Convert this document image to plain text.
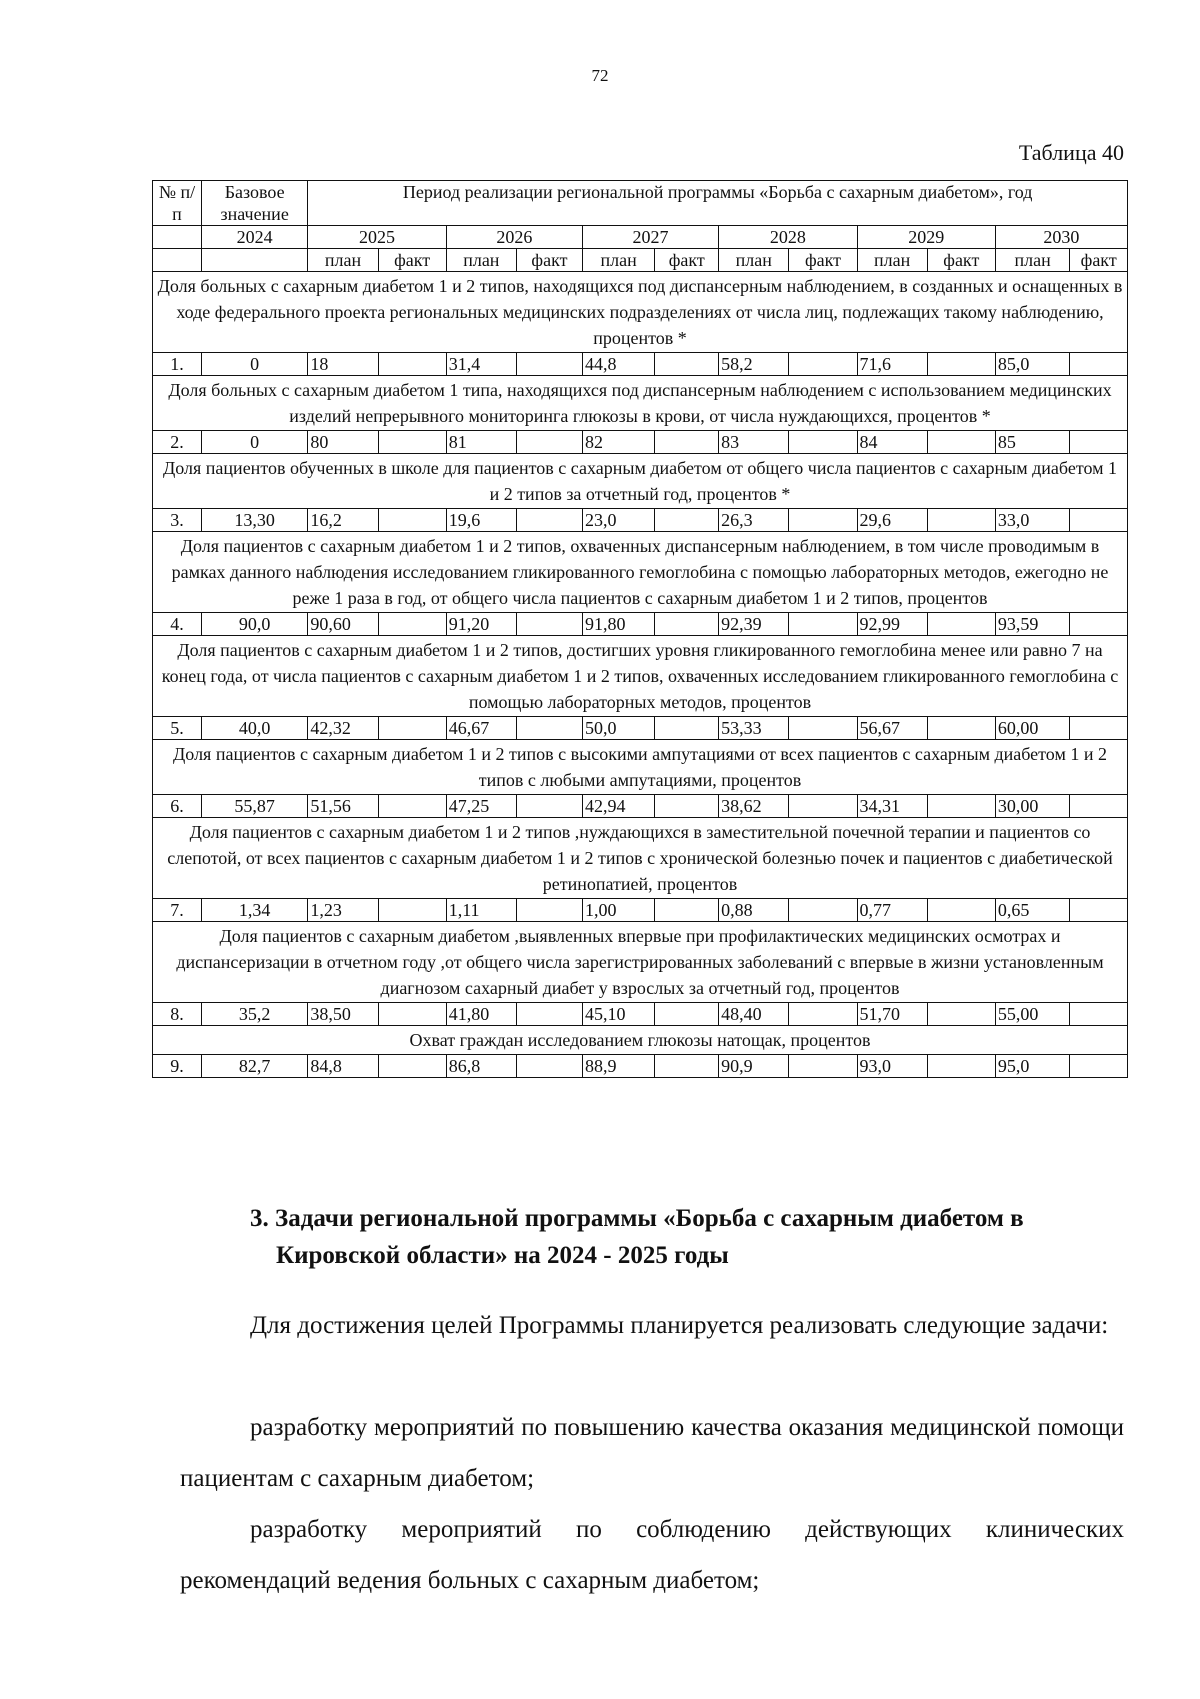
72
Таблица 40
№ п/п	Базовое значение	Период реализации региональной программы «Борьба с сахарным диабетом», год											
	2024	2025		2026		2027		2028		2029		2030	
		план	факт	план	факт	план	факт	план	факт	план	факт	план	факт
Доля больных с сахарным диабетом 1 и 2 типов, находящихся под диспансерным наблюдением, в созданных и оснащенных в ходе федерального проекта региональных медицинских подразделениях от числа лиц, подлежащих такому наблюдению, процентов *													
1.	0	18		31,4		44,8		58,2		71,6		85,0	
Доля больных с сахарным диабетом 1 типа, находящихся под диспансерным наблюдением с использованием медицинских изделий непрерывного мониторинга глюкозы в крови, от числа нуждающихся, процентов *													
2.	0	80		81		82		83		84		85	
Доля пациентов обученных в школе для пациентов с сахарным диабетом от общего числа пациентов с сахарным диабетом 1 и 2 типов за отчетный год, процентов *													
3.	13,30	16,2		19,6		23,0		26,3		29,6		33,0	
Доля пациентов с сахарным диабетом 1 и 2 типов, охваченных диспансерным наблюдением, в том числе проводимым в рамках данного наблюдения исследованием гликированного гемоглобина с помощью лабораторных методов, ежегодно не реже 1 раза в год, от общего числа пациентов с сахарным диабетом 1 и 2 типов, процентов													
4.	90,0	90,60		91,20		91,80		92,39		92,99		93,59	
Доля пациентов с сахарным диабетом 1 и 2 типов, достигших уровня гликированного гемоглобина менее или равно 7 на конец года, от числа пациентов с сахарным диабетом 1 и 2 типов, охваченных исследованием гликированного гемоглобина с помощью лабораторных методов, процентов													
5.	40,0	42,32		46,67		50,0		53,33		56,67		60,00	
Доля пациентов с сахарным диабетом 1 и 2 типов с высокими ампутациями от всех пациентов с сахарным диабетом 1 и 2 типов с любыми ампутациями, процентов													
6.	55,87	51,56		47,25		42,94		38,62		34,31		30,00	
Доля пациентов с сахарным диабетом 1 и 2 типов ,нуждающихся в заместительной почечной терапии и пациентов со слепотой, от всех пациентов с сахарным диабетом 1 и 2 типов с хронической болезнью почек и пациентов с диабетической ретинопатией, процентов													
7.	1,34	1,23		1,11		1,00		0,88		0,77		0,65	
Доля пациентов с сахарным диабетом ,выявленных впервые при профилактических медицинских осмотрах и диспансеризации в отчетном году ,от общего числа зарегистрированных заболеваний с впервые в жизни установленным диагнозом сахарный диабет у взрослых за отчетный год, процентов													
8.	35,2	38,50		41,80		45,10		48,40		51,70		55,00	
Охват граждан исследованием глюкозы натощак, процентов													
9.	82,7	84,8		86,8		88,9		90,9		93,0		95,0	
3. Задачи региональной программы «Борьба с сахарным диабетом в Кировской области» на 2024 - 2025 годы
Для достижения целей Программы планируется реализовать следующие задачи:
разработку мероприятий по повышению качества оказания медицинской помощи пациентам с сахарным диабетом;
разработку мероприятий по соблюдению действующих клинических рекомендаций ведения больных с сахарным диабетом;
